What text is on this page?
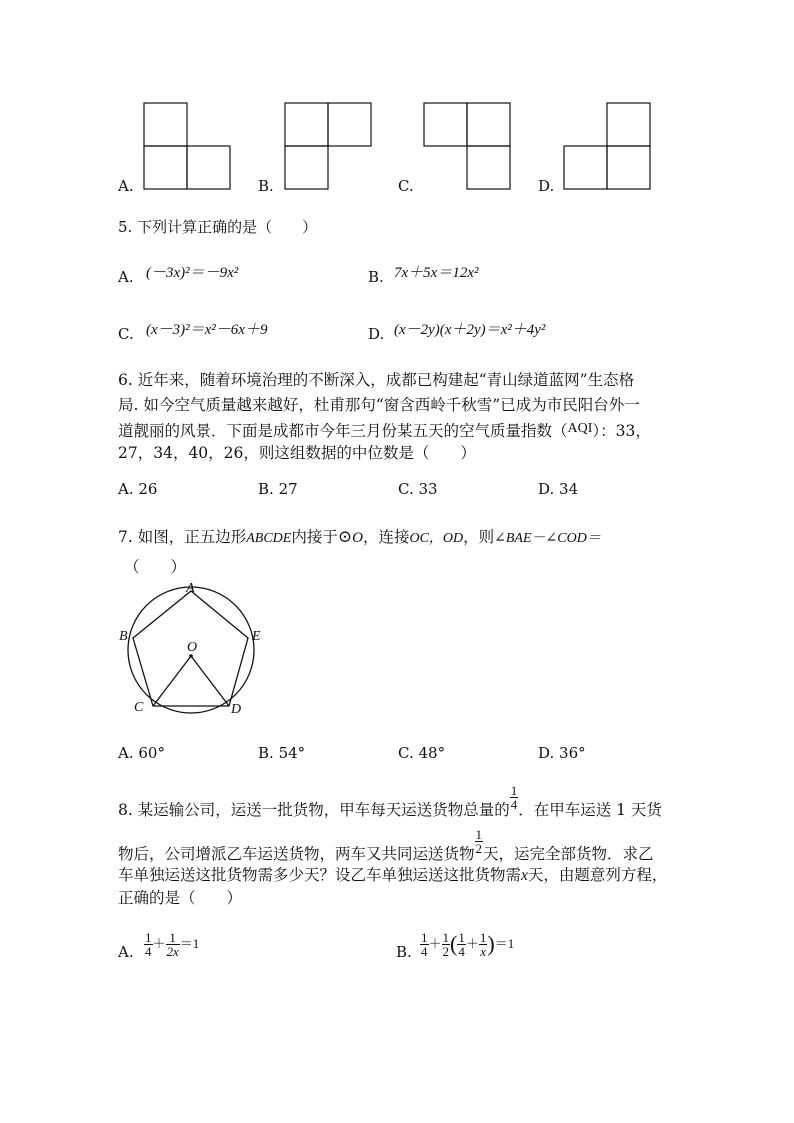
A.	B.	C.	D.
5. 下列计算正确的是（　　）
A. (－3x)²＝－9x²	B. 7x＋5x＝12x²
C. (x－3)²＝x²－6x＋9	D. (x－2y)(x＋2y)＝x²＋4y²
6. 近年来，随着环境治理的不断深入，成都已构建起“青山绿道蓝网”生态格
局. 如今空气质量越来越好，杜甫那句“窗含西岭千秋雪”已成为市民阳台外一
道靓丽的风景．下面是成都市今年三月份某五天的空气质量指数（AQI）：33，
27，34，40，26，则这组数据的中位数是（　　）
A. 26	B. 27	C. 33	D. 34
7. 如图，正五边形ABCDE内接于⊙O，连接OC，OD，则∠BAE－∠COD＝
（　　）
A
B	E
O
C	D
A. 60°	B. 54°	C. 48°	D. 36°
8. 某运输公司，运送一批货物，甲车每天运送货物总量的 $\frac{1}{4}$ ．在甲车运送 1 天货
物后，公司增派乙车运送货物，两车又共同运送货物 $\frac{1}{2}$ 天，运完全部货物．求乙
车单独运送这批货物需多少天？设乙车单独运送这批货物需x天，由题意列方程，
正确的是（　　）
A. $\frac{1}{4} + \frac{1}{2x} =1$	B. $\frac{1}{4} + \frac{1}{2}$ ( $\frac{1}{4} + \frac{1}{x} )=1$
